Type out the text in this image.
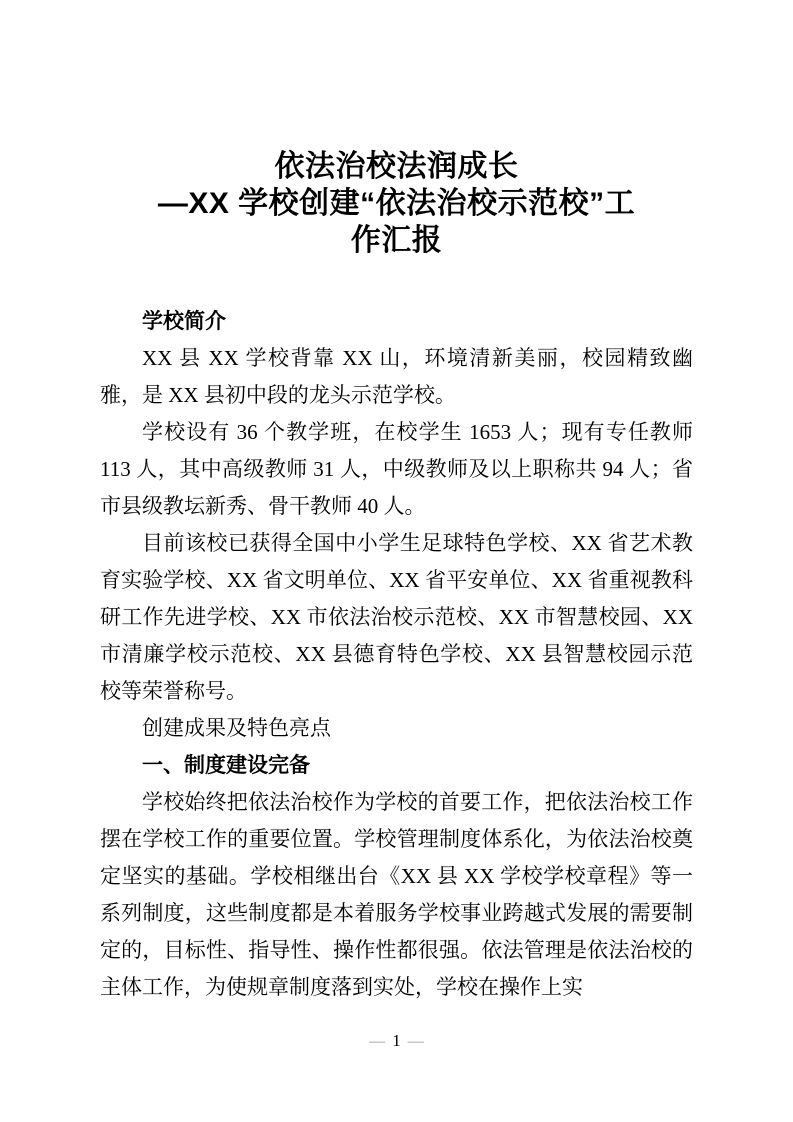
依法治校法润成长
—XX 学校创建“依法治校示范校”工
作汇报

学校简介

XX 县 XX 学校背靠 XX 山，环境清新美丽，校园精致幽雅，是 XX 县初中段的龙头示范学校。

学校设有 36 个教学班，在校学生 1653 人；现有专任教师 113 人，其中高级教师 31 人，中级教师及以上职称共 94 人；省市县级教坛新秀、骨干教师 40 人。

目前该校已获得全国中小学生足球特色学校、XX 省艺术教育实验学校、XX 省文明单位、XX 省平安单位、XX 省重视教科研工作先进学校、XX 市依法治校示范校、XX 市智慧校园、XX 市清廉学校示范校、XX 县德育特色学校、XX 县智慧校园示范校等荣誉称号。

创建成果及特色亮点

一、制度建设完备

学校始终把依法治校作为学校的首要工作，把依法治校工作摆在学校工作的重要位置。学校管理制度体系化，为依法治校奠定坚实的基础。学校相继出台《XX 县 XX 学校学校章程》等一系列制度，这些制度都是本着服务学校事业跨越式发展的需要制定的，目标性、指导性、操作性都很强。依法管理是依法治校的主体工作，为使规章制度落到实处，学校在操作上实

— 1 —
